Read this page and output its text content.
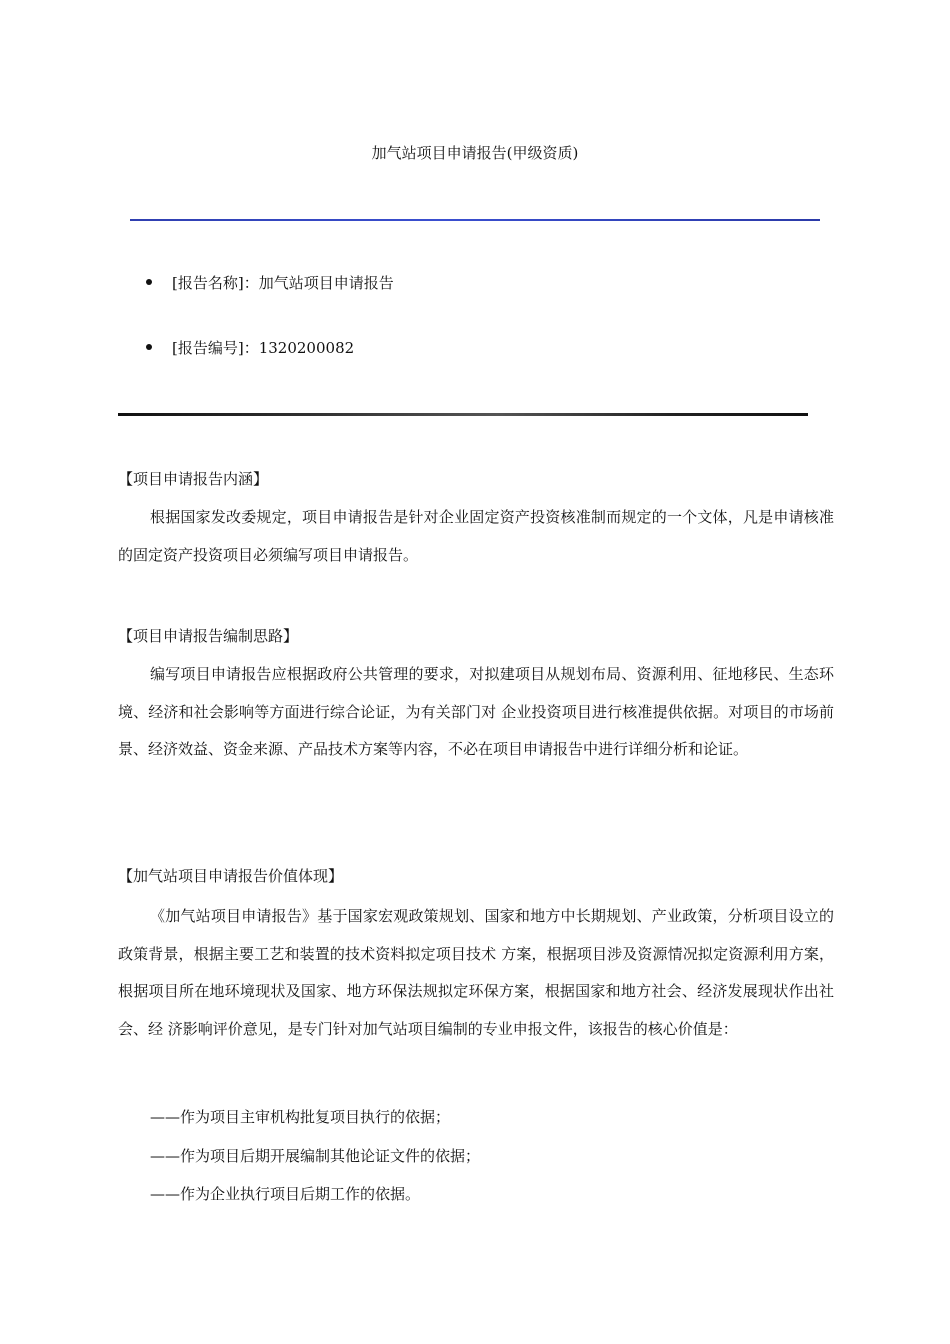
加气站项目申请报告(甲级资质)
[报告名称]：加气站项目申请报告
[报告编号]：1320200082
【项目申请报告内涵】
根据国家发改委规定，项目申请报告是针对企业固定资产投资核准制而规定的一个文体，凡是申请核准的固定资产投资项目必须编写项目申请报告。
【项目申请报告编制思路】
编写项目申请报告应根据政府公共管理的要求，对拟建项目从规划布局、资源利用、征地移民、生态环境、经济和社会影响等方面进行综合论证，为有关部门对 企业投资项目进行核准提供依据。对项目的市场前景、经济效益、资金来源、产品技术方案等内容，不必在项目申请报告中进行详细分析和论证。
【加气站项目申请报告价值体现】
《加气站项目申请报告》基于国家宏观政策规划、国家和地方中长期规划、产业政策，分析项目设立的政策背景，根据主要工艺和装置的技术资料拟定项目技术 方案，根据项目涉及资源情况拟定资源利用方案，根据项目所在地环境现状及国家、地方环保法规拟定环保方案，根据国家和地方社会、经济发展现状作出社会、经 济影响评价意见，是专门针对加气站项目编制的专业申报文件，该报告的核心价值是：
——作为项目主审机构批复项目执行的依据；
——作为项目后期开展编制其他论证文件的依据；
——作为企业执行项目后期工作的依据。
